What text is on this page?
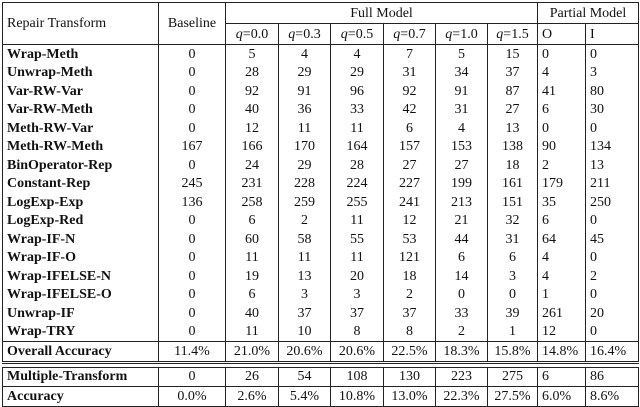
Repair Transform	Baseline	Full Model						Partial Model	
		q=0.0	q=0.3	q=0.5	q=0.7	q=1.0	q=1.5	O	I
Wrap-Meth	0	5	4	4	7	5	15	0	0
Unwrap-Meth	0	28	29	29	31	34	37	4	3
Var-RW-Var	0	92	91	96	92	91	87	41	80
Var-RW-Meth	0	40	36	33	42	31	27	6	30
Meth-RW-Var	0	12	11	11	6	4	13	0	0
Meth-RW-Meth	167	166	170	164	157	153	138	90	134
BinOperator-Rep	0	24	29	28	27	27	18	2	13
Constant-Rep	245	231	228	224	227	199	161	179	211
LogExp-Exp	136	258	259	255	241	213	151	35	250
LogExp-Red	0	6	2	11	12	21	32	6	0
Wrap-IF-N	0	60	58	55	53	44	31	64	45
Wrap-IF-O	0	11	11	11	121	6	6	4	0
Wrap-IFELSE-N	0	19	13	20	18	14	3	4	2
Wrap-IFELSE-O	0	6	3	3	2	0	0	1	0
Unwrap-IF	0	40	37	37	37	33	39	261	20
Wrap-TRY	0	11	10	8	8	2	1	12	0
Overall Accuracy	11.4%	21.0%	20.6%	20.6%	22.5%	18.3%	15.8%	14.8%	16.4%

Multiple-Transform	0	26	54	108	130	223	275	6	86
Accuracy	0.0%	2.6%	5.4%	10.8%	13.0%	22.3%	27.5%	6.0%	8.6%
